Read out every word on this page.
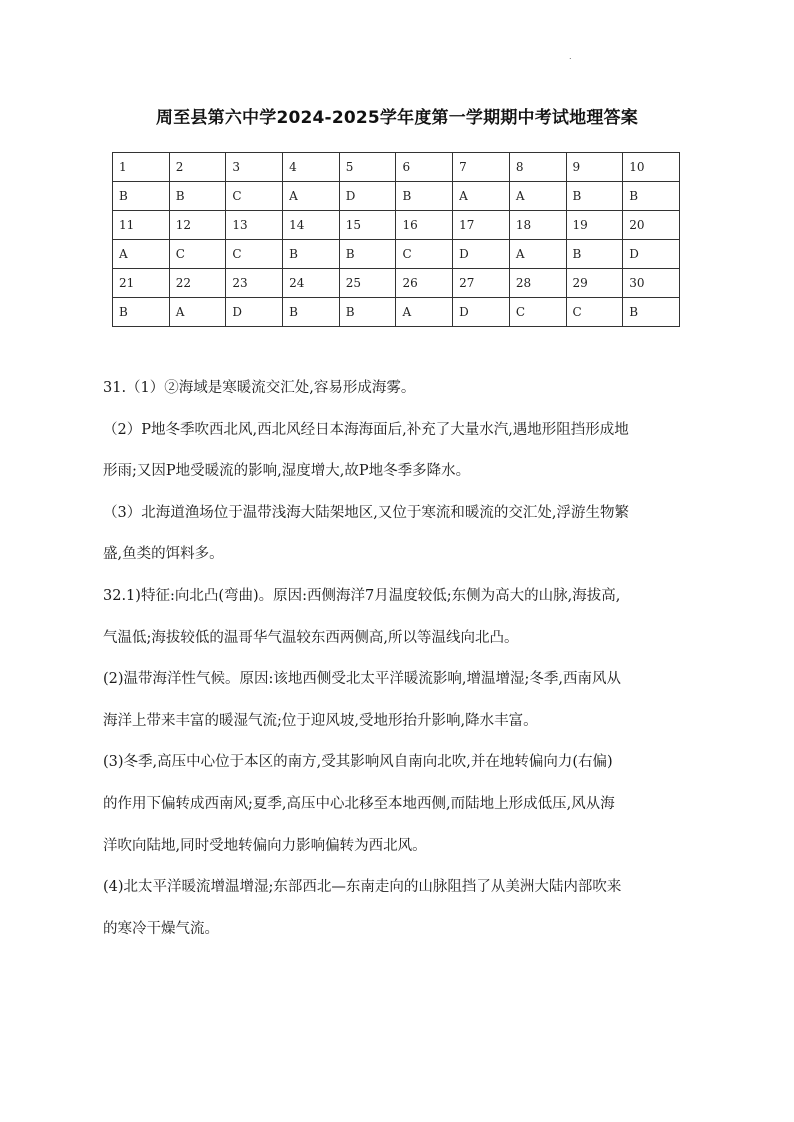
.
周至县第六中学2024-2025学年度第一学期期中考试地理答案
1	2	3	4	5	6	7	8	9	10
B	B	C	A	D	B	A	A	B	B
11	12	13	14	15	16	17	18	19	20
A	C	C	B	B	C	D	A	B	D
21	22	23	24	25	26	27	28	29	30
B	A	D	B	B	A	D	C	C	B

31.（1）②海域是寒暖流交汇处,容易形成海雾。

（2）P地冬季吹西北风,西北风经日本海海面后,补充了大量水汽,遇地形阻挡形成地

形雨;又因P地受暖流的影响,湿度增大,故P地冬季多降水。

（3）北海道渔场位于温带浅海大陆架地区,又位于寒流和暖流的交汇处,浮游生物繁

盛,鱼类的饵料多。

32.1)特征:向北凸(弯曲)。原因:西侧海洋7月温度较低;东侧为高大的山脉,海拔高,

气温低;海拔较低的温哥华气温较东西两侧高,所以等温线向北凸。

(2)温带海洋性气候。原因:该地西侧受北太平洋暖流影响,增温增湿;冬季,西南风从

海洋上带来丰富的暖湿气流;位于迎风坡,受地形抬升影响,降水丰富。

(3)冬季,高压中心位于本区的南方,受其影响风自南向北吹,并在地转偏向力(右偏)

的作用下偏转成西南风;夏季,高压中心北移至本地西侧,而陆地上形成低压,风从海

洋吹向陆地,同时受地转偏向力影响偏转为西北风。

(4)北太平洋暖流增温增湿;东部西北—东南走向的山脉阻挡了从美洲大陆内部吹来

的寒冷干燥气流。
